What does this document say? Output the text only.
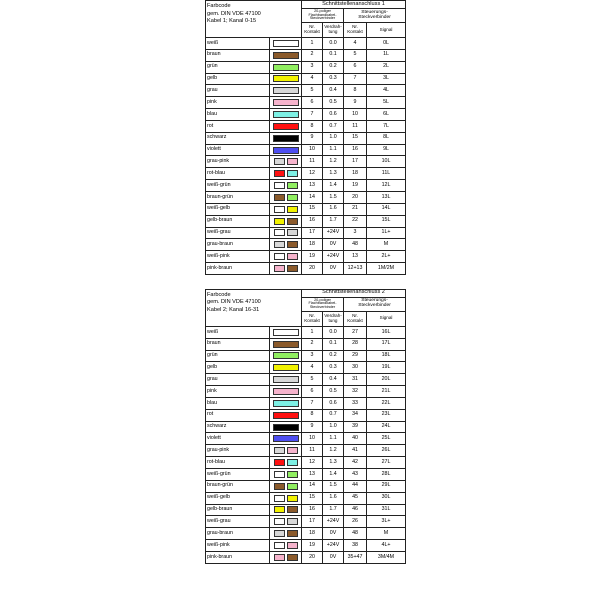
Farbcode
gem. DIN VDE 47100
Kabel 1; Kanal 0-15		Schnittstellenanschluss 1			
		20-poliger Flachbandkabel-Steckverbinder		Steuerungs-Steckverbinder	
		Nr. Kontakt	Verdrah-tung	Nr. Kontakt	Signal
weiß		1	0.0	4	0L
braun		2	0.1	5	1L
grün		3	0.2	6	2L
gelb		4	0.3	7	3L
grau		5	0.4	8	4L
pink		6	0.5	9	5L
blau		7	0.6	10	6L
rot		8	0.7	11	7L
schwarz		9	1.0	15	8L
violett		10	1.1	16	9L
grau-pink		11	1.2	17	10L
rot-blau		12	1.3	18	11L
weiß-grün		13	1.4	19	12L
braun-grün		14	1.5	20	13L
weiß-gelb		15	1.6	21	14L
gelb-braun		16	1.7	22	15L
weiß-grau		17	+24V	3	1L+
grau-braun		18	0V	48	M
weiß-pink		19	+24V	13	2L+
pink-braun		20	0V	12+13	1M/2M
Farbcode
gem. DIN VDE 47100
Kabel 2; Kanal 16-31		Schnittstellenanschluss 2			
		20-poliger Flachbandkabel-Steckverbinder		Steuerungs-Steckverbinder	
		Nr. Kontakt	Verdrah-tung	Nr. Kontakt	Signal
weiß		1	0.0	27	16L
braun		2	0.1	28	17L
grün		3	0.2	29	18L
gelb		4	0.3	30	19L
grau		5	0.4	31	20L
pink		6	0.5	32	21L
blau		7	0.6	33	22L
rot		8	0.7	34	23L
schwarz		9	1.0	39	24L
violett		10	1.1	40	25L
grau-pink		11	1.2	41	26L
rot-blau		12	1.3	42	27L
weiß-grün		13	1.4	43	28L
braun-grün		14	1.5	44	29L
weiß-gelb		15	1.6	45	30L
gelb-braun		16	1.7	46	31L
weiß-grau		17	+24V	26	3L+
grau-braun		18	0V	48	M
weiß-pink		19	+24V	38	4L+
pink-braun		20	0V	35+47	3M/4M
